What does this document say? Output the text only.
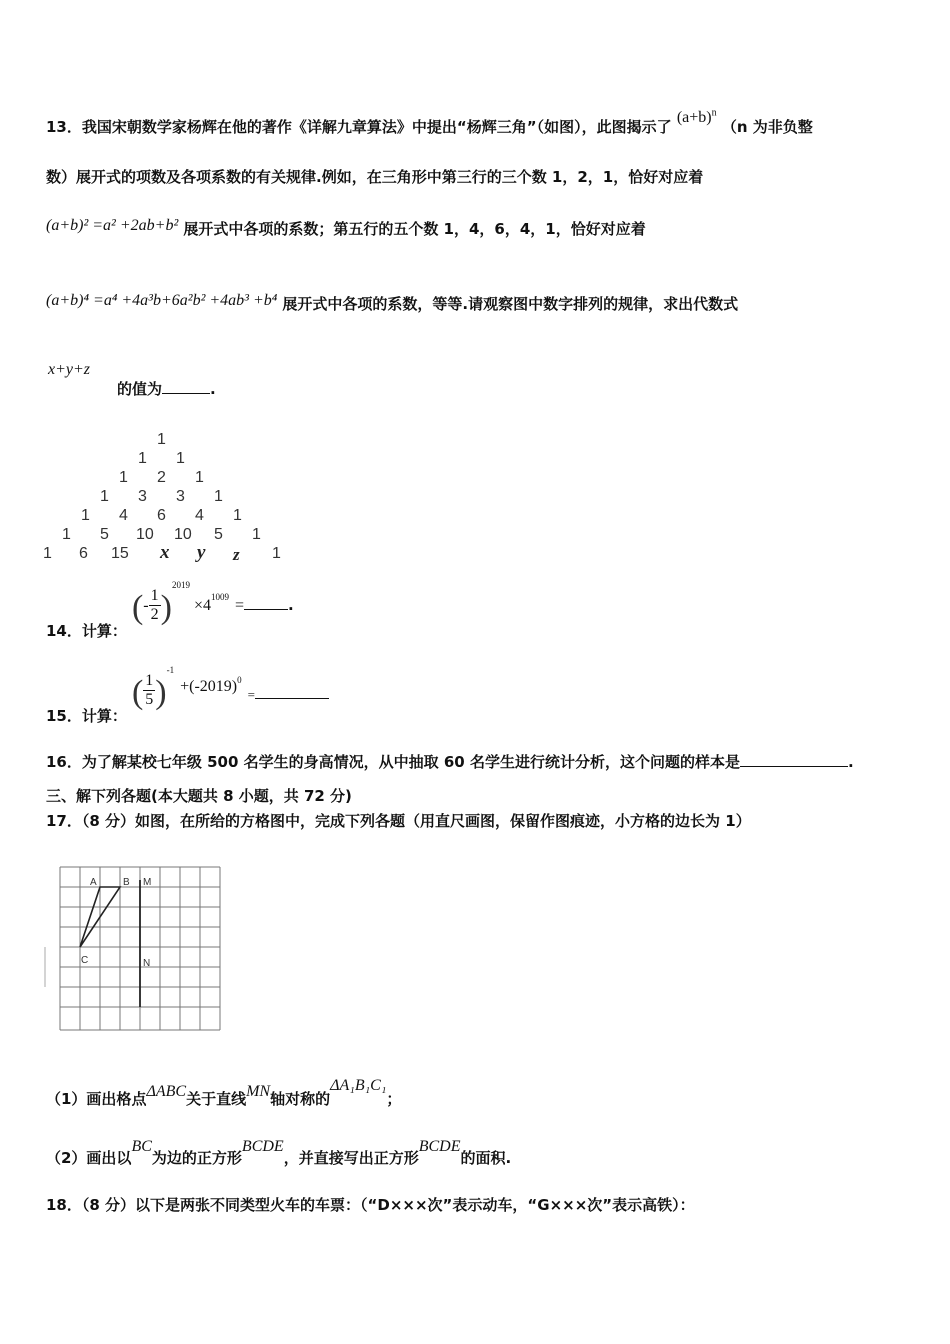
13．我国宋朝数学家杨辉在他的著作《详解九章算法》中提出“杨辉三角”（如图），此图揭示了 $(a+b)^n$ （n 为非负整
数）展开式的项数及各项系数的有关规律.例如，在三角形中第三行的三个数 1，2，1，恰好对应着
(a+b)² =a² +2ab+b² 展开式中各项的系数；第五行的五个数 1，4，6，4，1，恰好对应着
(a+b)⁴ =a⁴ +4a³b+6a²b² +4ab³ +b⁴ 展开式中各项的系数，等等.请观察图中数字排列的规律，求出代数式
x+y+z
的值为	.
1
1 1
1 2 1
1 3 3 1
1 4 6 4 1
1 5 10 10 5 1
1 6 15 x y z 1
14．计算： (- $\frac{1}{2} )^{2019}\times 4^{1009}$ =	.
15．计算： ( $\frac{1}{5} )^{-1}+(-2019)^{0=}$
16．为了解某校七年级 500 名学生的身高情况，从中抽取 60 名学生进行统计分析，这个问题的样本是	.
三、解下列各题(本大题共 8 小题，共 72 分)
17．（8 分）如图，在所给的方格图中，完成下列各题（用直尺画图，保留作图痕迹，小方格的边长为 1）
A	B M
C	N
（1）画出格点ΔABC关于直线MN轴对称的ΔA₁B₁C₁；
（2）画出以BC为边的正方形BCDE，并直接写出正方形BCDE的面积.
18．（8 分）以下是两张不同类型火车的车票：（“D×××次”表示动车，“G×××次”表示高铁）：
